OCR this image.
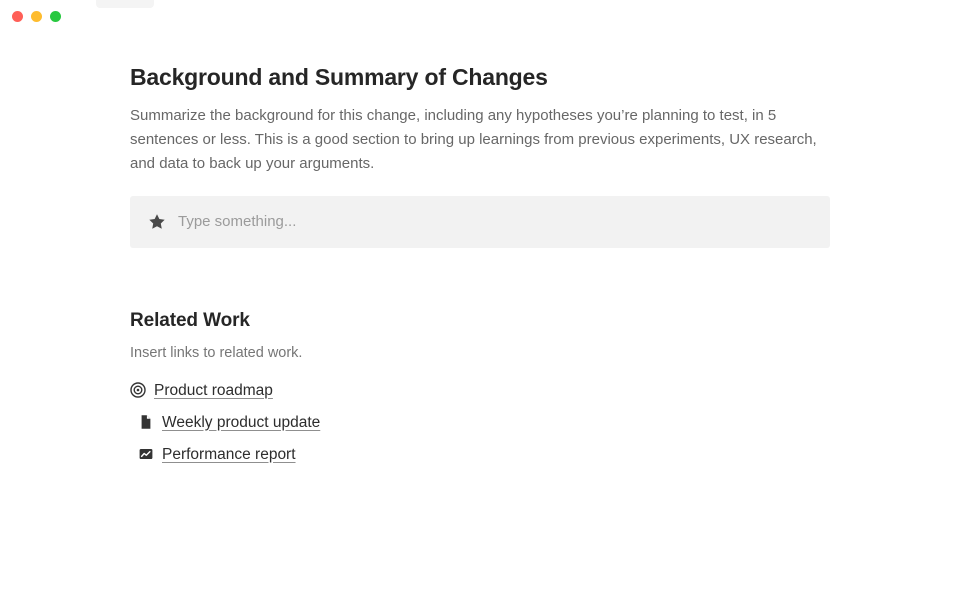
Background and Summary of Changes

Summarize the background for this change, including any hypotheses you’re planning to test, in 5 sentences or less. This is a good section to bring up learnings from previous experiments, UX research, and data to back up your arguments.

Type something...
Related Work

Insert links to related work.

Product roadmap
Weekly product update
Performance report
